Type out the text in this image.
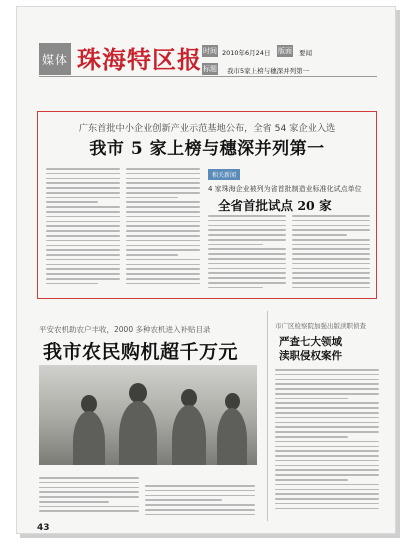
媒体 珠海特区报 时间 2010年6月24日 版面 要闻
标题 我市5家上榜与穗深并列第一
广东首批中小企业创新产业示范基地公布，全省 54 家企业入选
我市 5 家上榜与穗深并列第一
相关新闻
4 家珠海企业被列为省首批制造业标准化试点单位
全省首批试点 20 家
平安农机助农户丰收，2000 多种农机进入补贴目录
我市农民购机超千万元
市广区检察院加强出版渎职侦查
严查七大领域
渎职侵权案件
43
